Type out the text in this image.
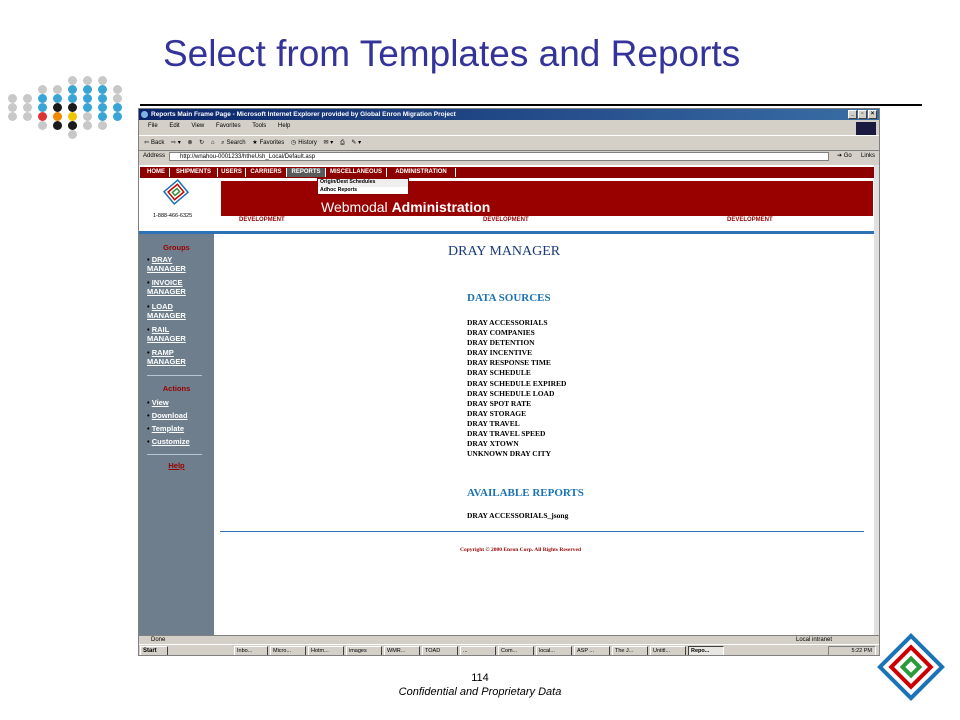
Select from Templates and Reports
Reports Main Frame Page - Microsoft Internet Explorer provided by Global Enron Migration Project	_	▫	×
File Edit View Favorites Tools Help
⇦ Back ⇨ ▾ ⊗ ↻ ⌂ ⌕ Search ★ Favorites ◷ History ✉ ▾ ⎙ ✎ ▾
Address	http://wnahou-0001233/htheUsh_Local/Default.asp	➔ Go Links
HOME	SHIPMENTS	USERS	CARRIERS	REPORTS	MISCELLANEOUS	ADMINISTRATION
Webmodal Administration
Origin/Dest Schedules
Adhoc Reports
1-888-466-6325
DEVELOPMENT	DEVELOPMENT	DEVELOPMENT
Groups
• DRAY
MANAGER
• INVOICE
MANAGER
• LOAD
MANAGER
• RAIL
MANAGER
• RAMP
MANAGER
Actions
• View
• Download
• Template
• Customize
Help
DRAY MANAGER
DATA SOURCES
DRAY ACCESSORIALS
DRAY COMPANIES
DRAY DETENTION
DRAY INCENTIVE
DRAY RESPONSE TIME
DRAY SCHEDULE
DRAY SCHEDULE EXPIRED
DRAY SCHEDULE LOAD
DRAY SPOT RATE
DRAY STORAGE
DRAY TRAVEL
DRAY TRAVEL SPEED
DRAY XTOWN
UNKNOWN DRAY CITY
AVAILABLE REPORTS
DRAY ACCESSORIALS_jsong
Copyright © 2000 Enron Corp. All Rights Reserved
Done	Local intranet
Start	Inbo...	Micro...	Hotm...	images	WMR...	TOAD	...	Com...	local...	ASP ...	The J...	Untitl...	Repo...	5:22 PM
114
Confidential and Proprietary Data
